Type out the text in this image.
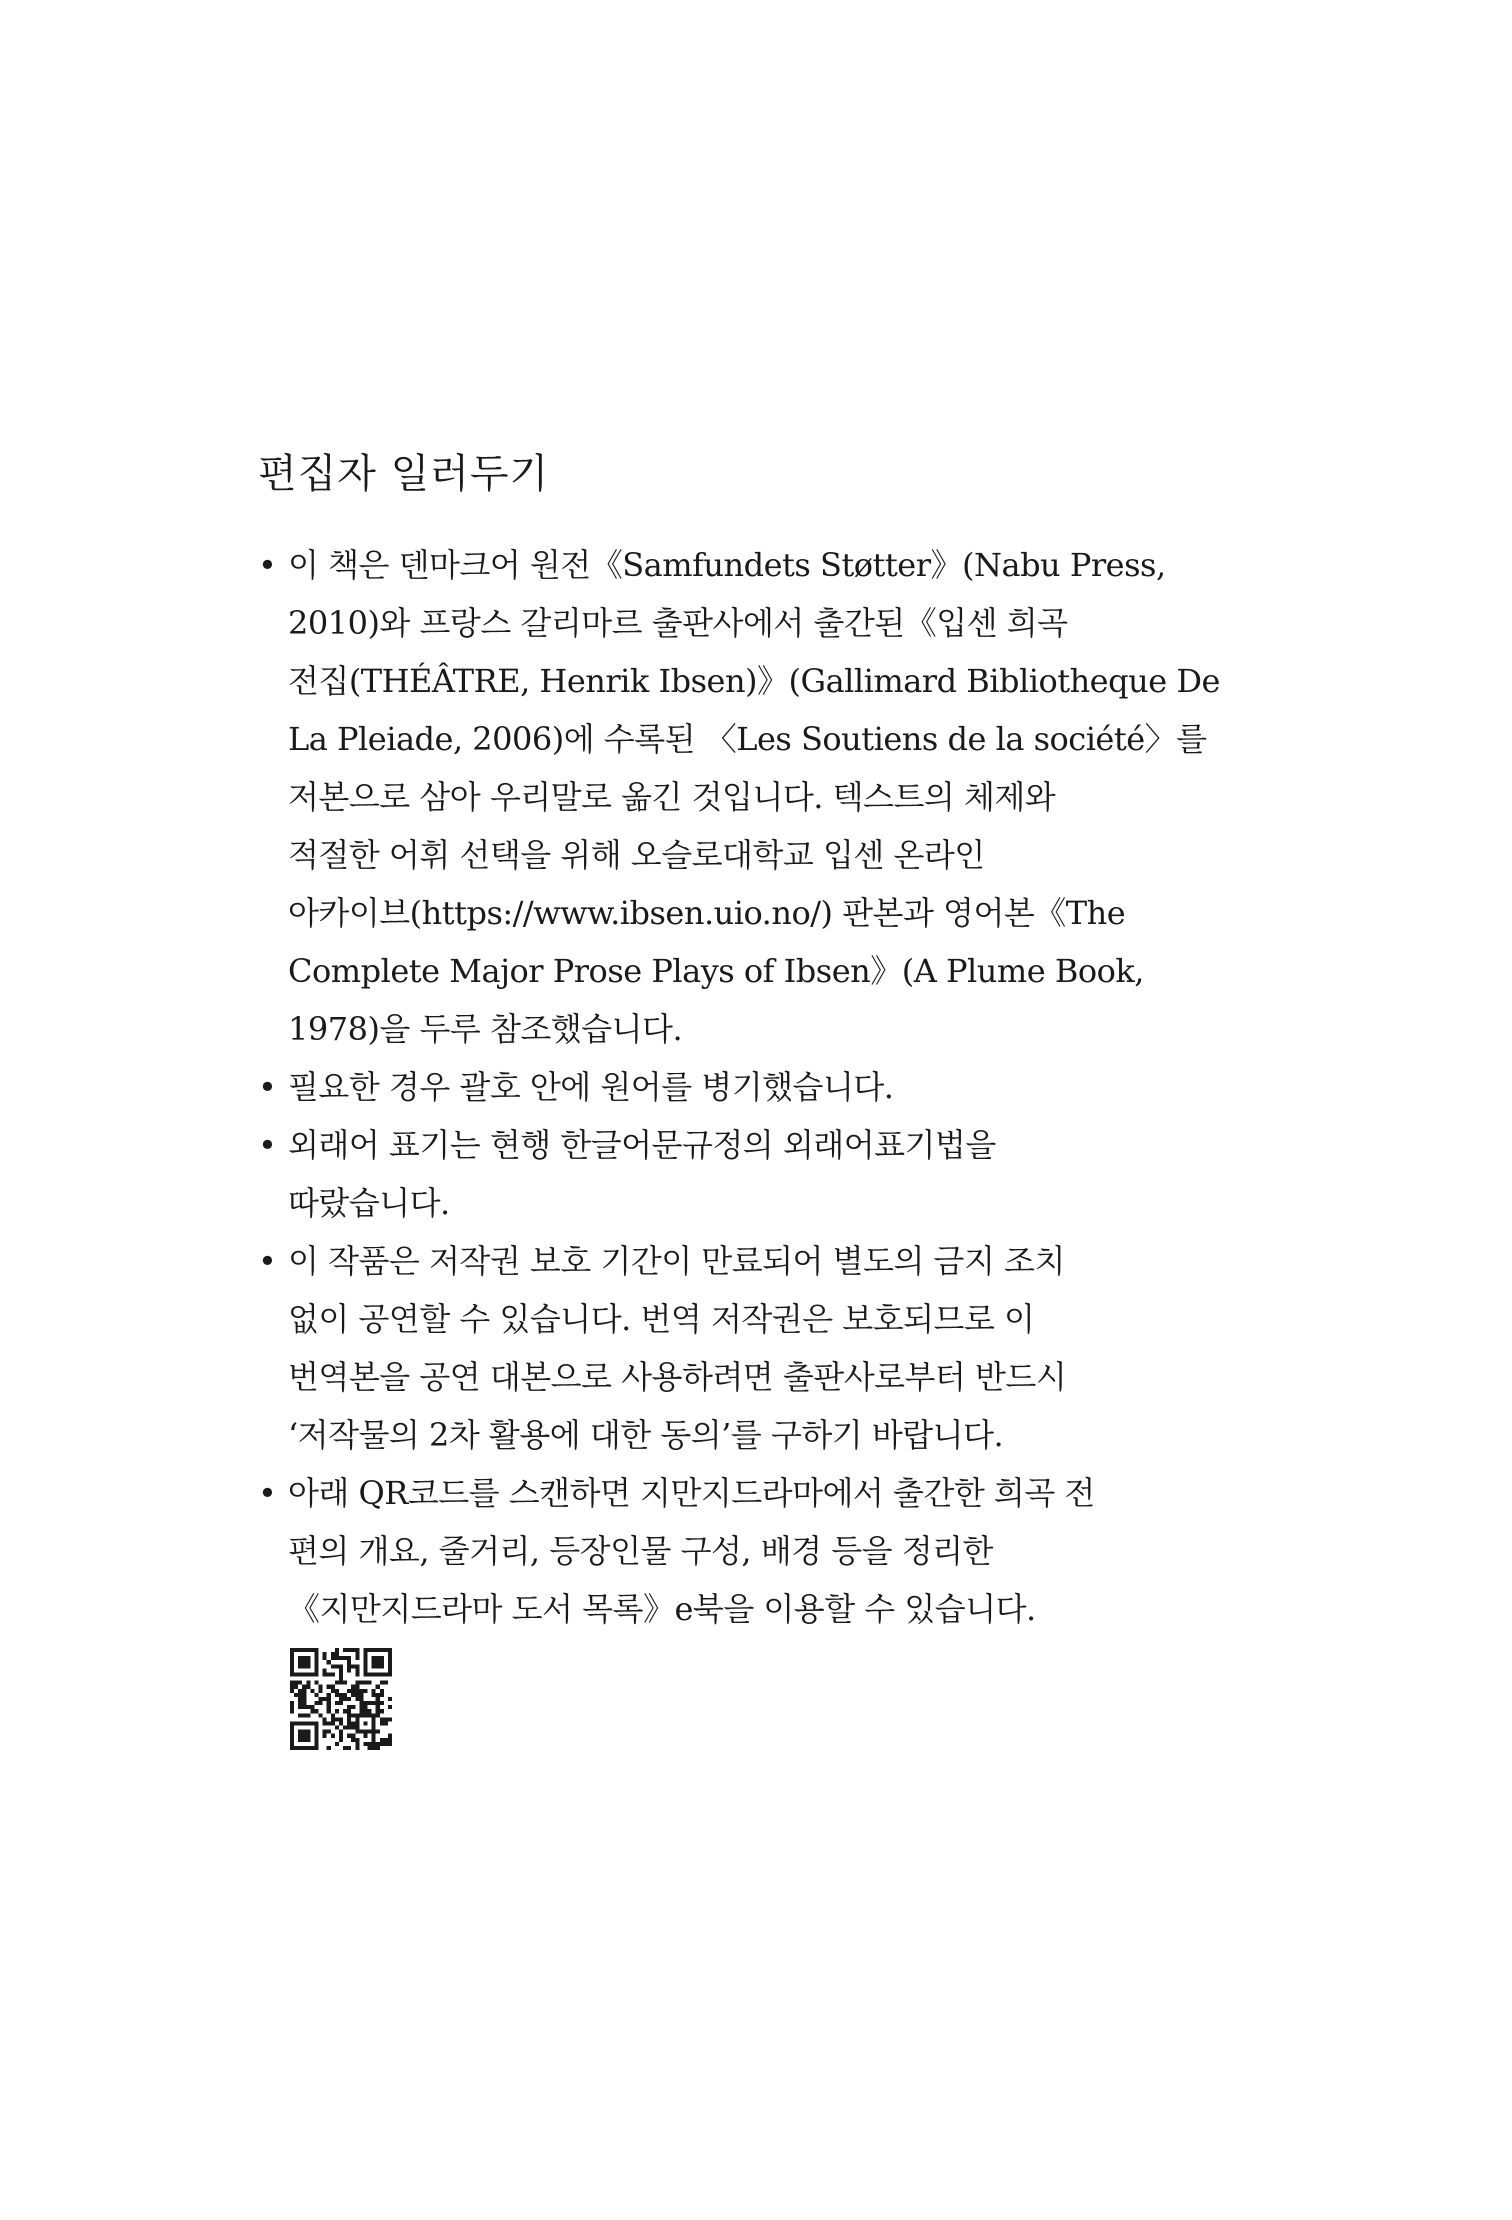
편집자 일러두기
• 이 책은 덴마크어 원전《Samfundets Støtter》(Nabu Press,
2010)와 프랑스 갈리마르 출판사에서 출간된《입센 희곡
전집(THÉÂTRE, Henrik Ibsen)》(Gallimard Bibliotheque De
La Pleiade, 2006)에 수록된 〈Les Soutiens de la société〉를
저본으로 삼아 우리말로 옮긴 것입니다. 텍스트의 체제와
적절한 어휘 선택을 위해 오슬로대학교 입센 온라인
아카이브(https://www.ibsen.uio.no/) 판본과 영어본《The
Complete Major Prose Plays of Ibsen》(A Plume Book,
1978)을 두루 참조했습니다.
• 필요한 경우 괄호 안에 원어를 병기했습니다.
• 외래어 표기는 현행 한글어문규정의 외래어표기법을
따랐습니다.
• 이 작품은 저작권 보호 기간이 만료되어 별도의 금지 조치
없이 공연할 수 있습니다. 번역 저작권은 보호되므로 이
번역본을 공연 대본으로 사용하려면 출판사로부터 반드시
‘저작물의 2차 활용에 대한 동의’를 구하기 바랍니다.
• 아래 QR코드를 스캔하면 지만지드라마에서 출간한 희곡 전
편의 개요, 줄거리, 등장인물 구성, 배경 등을 정리한
《지만지드라마 도서 목록》e북을 이용할 수 있습니다.
